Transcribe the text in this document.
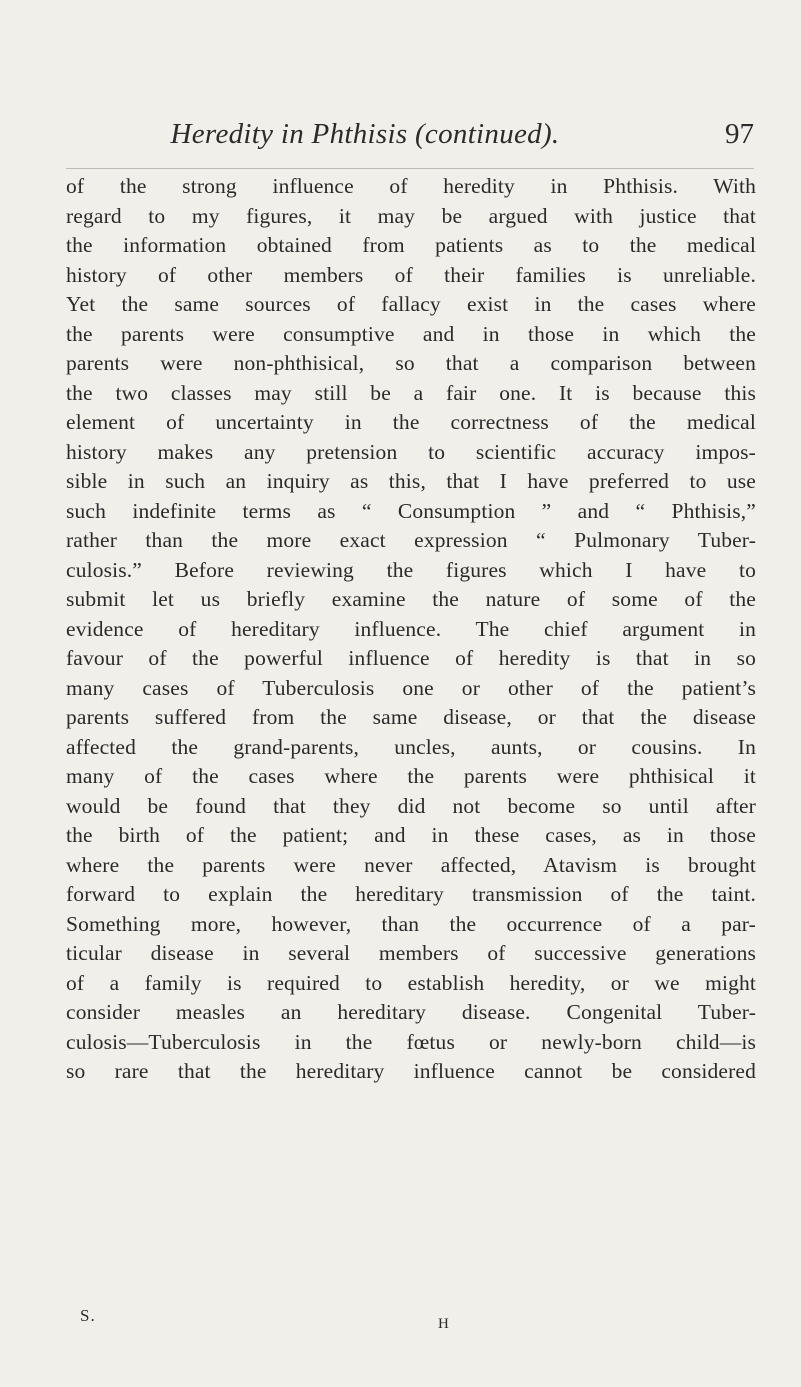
Heredity in Phthisis (continued).	97
of the strong influence of heredity in Phthisis. With
regard to my figures, it may be argued with justice that
the information obtained from patients as to the medical
history of other members of their families is unreliable.
Yet the same sources of fallacy exist in the cases where
the parents were consumptive and in those in which the
parents were non-phthisical, so that a comparison between
the two classes may still be a fair one. It is because this
element of uncertainty in the correctness of the medical
history makes any pretension to scientific accuracy impos-
sible in such an inquiry as this, that I have preferred to use
such indefinite terms as “ Consumption ” and “ Phthisis,”
rather than the more exact expression “ Pulmonary Tuber-
culosis.” Before reviewing the figures which I have to
submit let us briefly examine the nature of some of the
evidence of hereditary influence. The chief argument in
favour of the powerful influence of heredity is that in so
many cases of Tuberculosis one or other of the patient’s
parents suffered from the same disease, or that the disease
affected the grand-parents, uncles, aunts, or cousins. In
many of the cases where the parents were phthisical it
would be found that they did not become so until after
the birth of the patient; and in these cases, as in those
where the parents were never affected, Atavism is brought
forward to explain the hereditary transmission of the taint.
Something more, however, than the occurrence of a par-
ticular disease in several members of successive generations
of a family is required to establish heredity, or we might
consider measles an hereditary disease. Congenital Tuber-
culosis—Tuberculosis in the fœtus or newly-born child—is
so rare that the hereditary influence cannot be considered
S.	H
